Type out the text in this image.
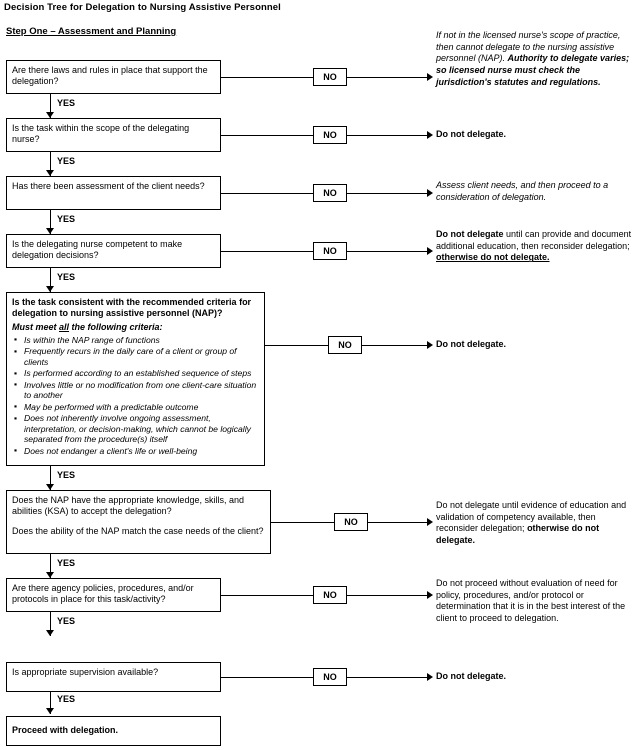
Decision Tree for Delegation to Nursing Assistive Personnel
Step One – Assessment and Planning
Are there laws and rules in place that support the delegation?	NO
If not in the licensed nurse's scope of practice, then cannot delegate to the nursing assistive personnel (NAP). Authority to delegate varies; so licensed nurse must check the jurisdiction's statutes and regulations.
YES
Is the task within the scope of the delegating nurse?	NO	Do not delegate.
YES
Has there been assessment of the client needs?
NO
Assess client needs, and then proceed to a consideration of delegation.
YES
Is the delegating nurse competent to make delegation decisions?	NO
Do not delegate until can provide and document additional education, then reconsider delegation; otherwise do not delegate.
YES
Is the task consistent with the recommended criteria for delegation to nursing assistive personnel (NAP)?
Must meet all the following criteria:
▪ Is within the NAP range of functions
▪ Frequently recurs in the daily care of a client or group of clients
▪ Is performed according to an established sequence of steps
▪ Involves little or no modification from one client-care situation to another
▪ May be performed with a predictable outcome
▪ Does not inherently involve ongoing assessment, interpretation, or decision-making, which cannot be logically separated from the procedure(s) itself
▪ Does not endanger a client's life or well-being
NO	Do not delegate.
YES
Does the NAP have the appropriate knowledge, skills, and abilities (KSA) to accept the delegation?
Does the ability of the NAP match the case needs of the client?
NO
Do not delegate until evidence of education and validation of competency available, then reconsider delegation; otherwise do not delegate.
YES
Are there agency policies, procedures, and/or protocols in place for this task/activity?	NO
Do not proceed without evaluation of need for policy, procedures, and/or protocol or determination that it is in the best interest of the client to proceed to delegation.
YES
Is appropriate supervision available?	NO	Do not delegate.
YES
Proceed with delegation.
